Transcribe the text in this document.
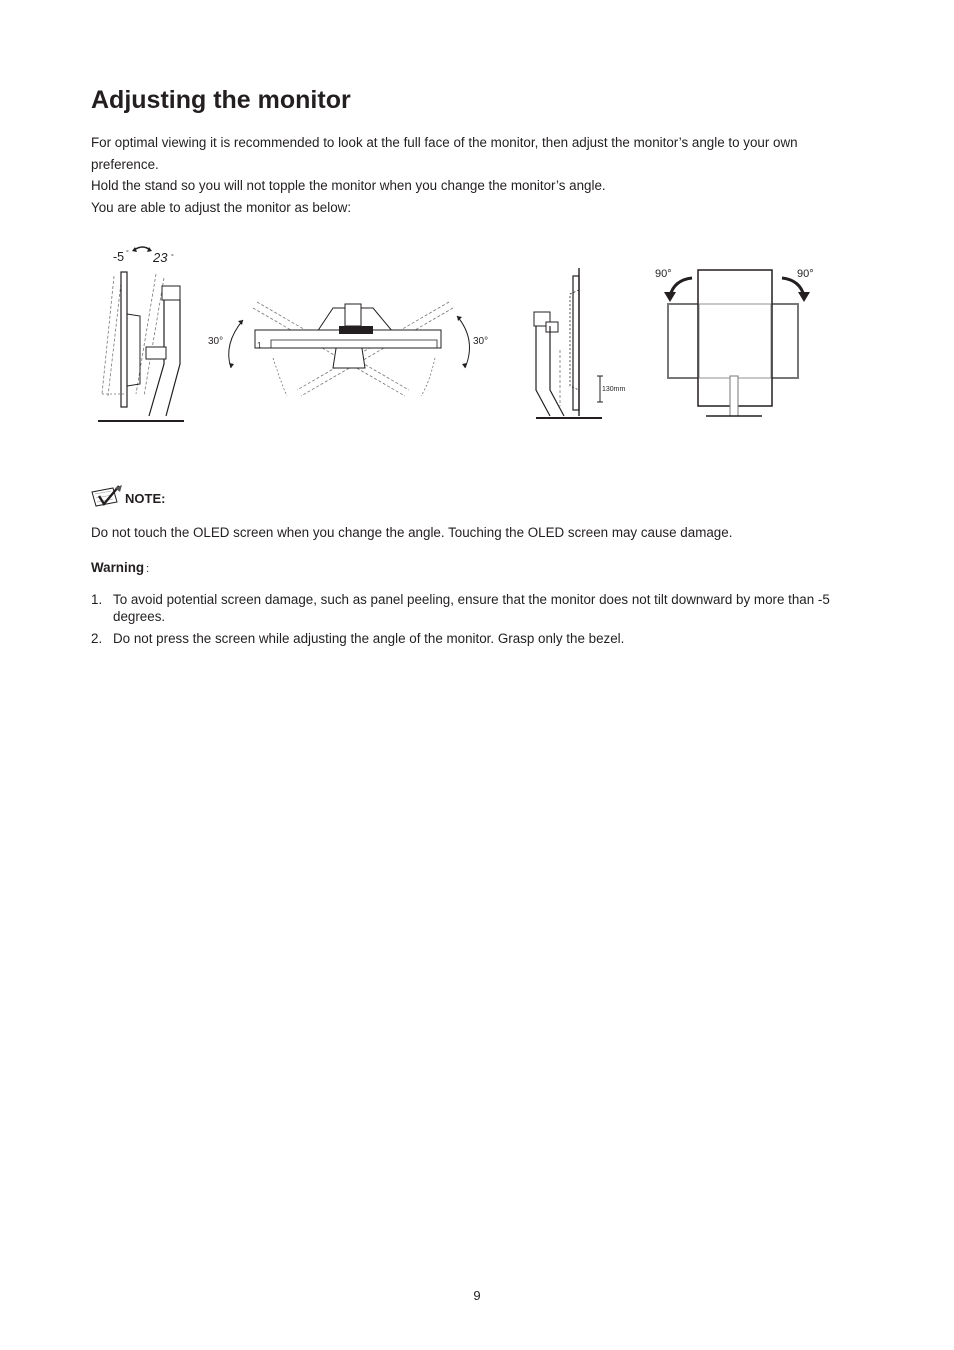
Adjusting the monitor

For optimal viewing it is recommended to look at the full face of the monitor, then adjust the monitor’s angle to your own preference.

Hold the stand so you will not topple the monitor when you change the monitor’s angle.

You are able to adjust the monitor as below:

-5 ° 23 °
30°	30°
1
130mm
90°	90°
NOTE:

Do not touch the OLED screen when you change the angle. Touching the OLED screen may cause damage.

Warning :
1. To avoid potential screen damage, such as panel peeling, ensure that the monitor does not tilt downward by more than -5 degrees.
2. Do not press the screen while adjusting the angle of the monitor. Grasp only the bezel.
9
